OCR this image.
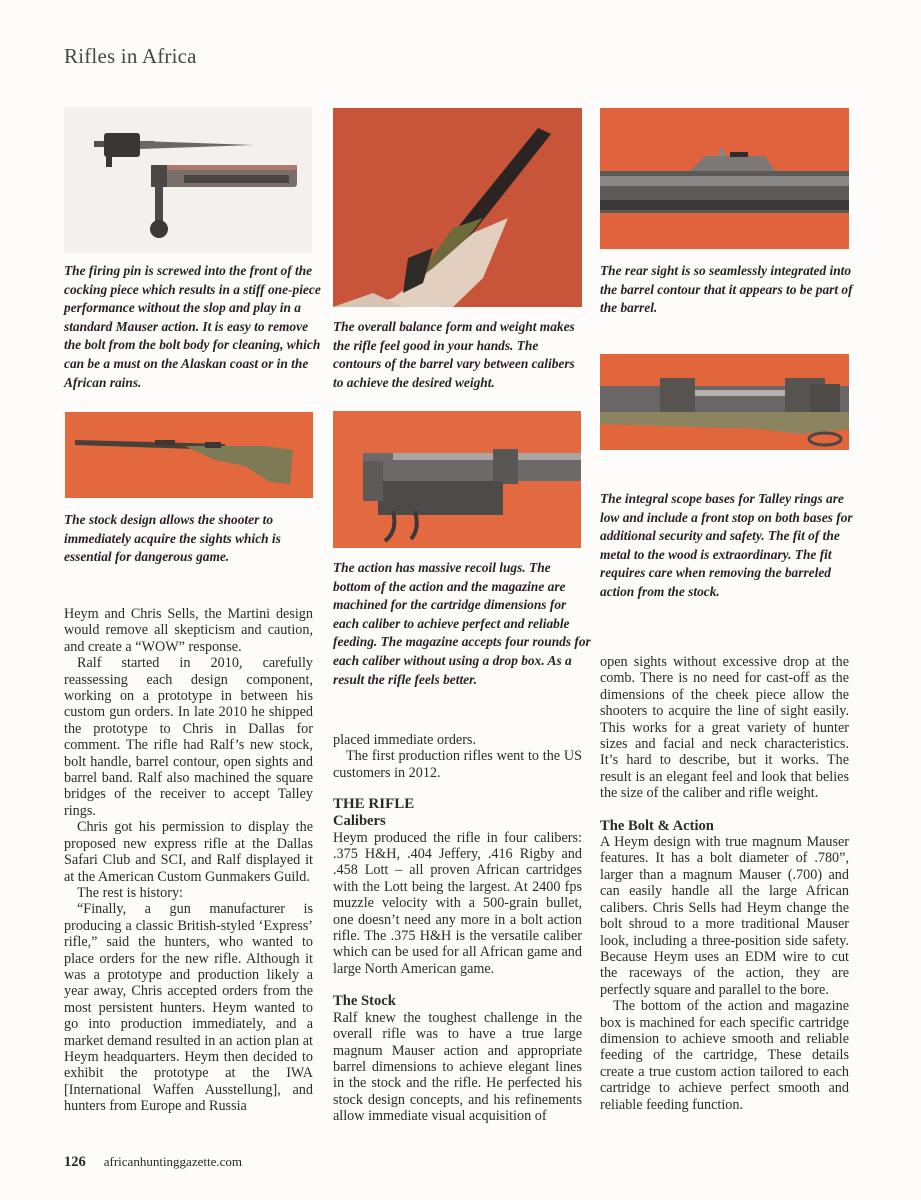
Rifles in Africa

The firing pin is screwed into the front of the cocking piece which results in a stiff one-piece performance without the slop and play in a standard Mauser action. It is easy to remove the bolt from the bolt body for cleaning, which can be a must on the Alaskan coast or in the African rains.

The overall balance form and weight makes the rifle feel good in your hands. The contours of the barrel vary between calibers to achieve the desired weight.

The rear sight is so seamlessly integrated into the barrel contour that it appears to be part of the barrel.

The stock design allows the shooter to immediately acquire the sights which is essential for dangerous game.

The action has massive recoil lugs. The bottom of the action and the magazine are machined for the cartridge dimensions for each caliber to achieve perfect and reliable feeding. The magazine accepts four rounds for each caliber without using a drop box. As a result the rifle feels better.

The integral scope bases for Talley rings are low and include a front stop on both bases for additional security and safety. The fit of the metal to the wood is extraordinary. The fit requires care when removing the barreled action from the stock.

Heym and Chris Sells, the Martini design would remove all skepticism and caution, and create a “WOW” response.

Ralf started in 2010, carefully reassessing each design component, working on a prototype in between his custom gun orders. In late 2010 he shipped the prototype to Chris in Dallas for comment. The rifle had Ralf’s new stock, bolt handle, barrel contour, open sights and barrel band. Ralf also machined the square bridges of the receiver to accept Talley rings.

Chris got his permission to display the proposed new express rifle at the Dallas Safari Club and SCI, and Ralf displayed it at the American Custom Gunmakers Guild.

The rest is history:

“Finally, a gun manufacturer is producing a classic British-styled ‘Express’ rifle,” said the hunters, who wanted to place orders for the new rifle. Although it was a prototype and production likely a year away, Chris accepted orders from the most persistent hunters. Heym wanted to go into production immediately, and a market demand resulted in an action plan at Heym headquarters. Heym then decided to exhibit the prototype at the IWA [International Waffen Ausstellung], and hunters from Europe and Russia

placed immediate orders.

The first production rifles went to the US customers in 2012.

THE RIFLE

Calibers

Heym produced the rifle in four calibers: .375 H&H, .404 Jeffery, .416 Rigby and .458 Lott – all proven African cartridges with the Lott being the largest. At 2400 fps muzzle velocity with a 500-grain bullet, one doesn’t need any more in a bolt action rifle. The .375 H&H is the versatile caliber which can be used for all African game and large North American game.

The Stock

Ralf knew the toughest challenge in the overall rifle was to have a true large magnum Mauser action and appropriate barrel dimensions to achieve elegant lines in the stock and the rifle. He perfected his stock design concepts, and his refinements allow immediate visual acquisition of

open sights without excessive drop at the comb. There is no need for cast-off as the dimensions of the cheek piece allow the shooters to acquire the line of sight easily. This works for a great variety of hunter sizes and facial and neck characteristics. It’s hard to describe, but it works. The result is an elegant feel and look that belies the size of the caliber and rifle weight.

The Bolt & Action

A Heym design with true magnum Mauser features. It has a bolt diameter of .780”, larger than a magnum Mauser (.700) and can easily handle all the large African calibers. Chris Sells had Heym change the bolt shroud to a more traditional Mauser look, including a three-position side safety. Because Heym uses an EDM wire to cut the raceways of the action, they are perfectly square and parallel to the bore.

The bottom of the action and magazine box is machined for each specific cartridge dimension to achieve smooth and reliable feeding of the cartridge, These details create a true custom action tailored to each cartridge to achieve perfect smooth and reliable feeding function.

126 africanhuntinggazette.com
